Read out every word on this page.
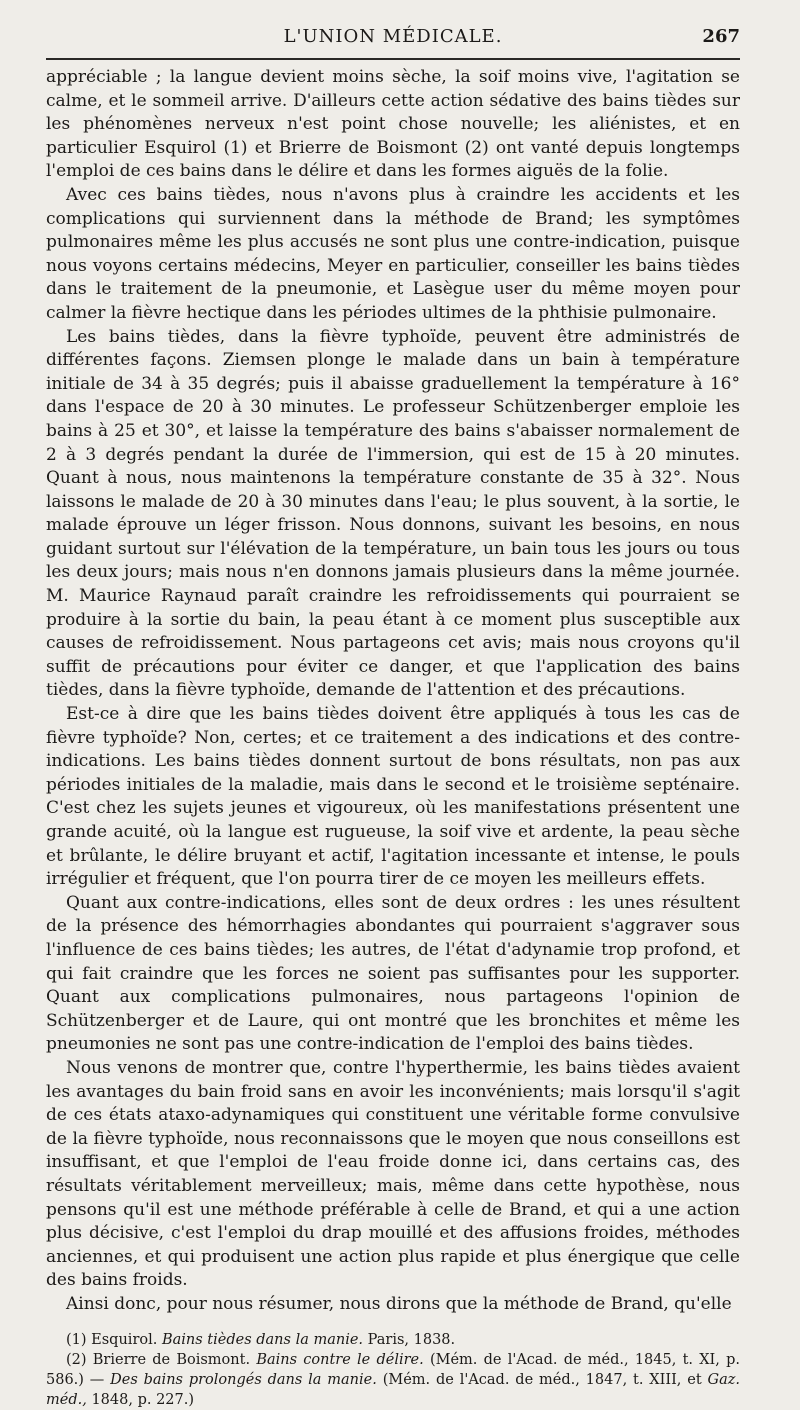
L'UNION MÉDICALE.	267

appréciable ; la langue devient moins sèche, la soif moins vive, l'agitation se calme, et le sommeil arrive. D'ailleurs cette action sédative des bains tièdes sur les phénomènes nerveux n'est point chose nouvelle; les aliénistes, et en particulier Esquirol (1) et Brierre de Boismont (2) ont vanté depuis longtemps l'emploi de ces bains dans le délire et dans les formes aiguës de la folie.

Avec ces bains tièdes, nous n'avons plus à craindre les accidents et les complications qui surviennent dans la méthode de Brand; les symptômes pulmonaires même les plus accusés ne sont plus une contre-indication, puisque nous voyons certains médecins, Meyer en particulier, conseiller les bains tièdes dans le traitement de la pneumonie, et Lasègue user du même moyen pour calmer la fièvre hectique dans les périodes ultimes de la phthisie pulmonaire.

Les bains tièdes, dans la fièvre typhoïde, peuvent être administrés de différentes façons. Ziemsen plonge le malade dans un bain à température initiale de 34 à 35 degrés; puis il abaisse graduellement la température à 16° dans l'espace de 20 à 30 minutes. Le professeur Schützenberger emploie les bains à 25 et 30°, et laisse la température des bains s'abaisser normalement de 2 à 3 degrés pendant la durée de l'immersion, qui est de 15 à 20 minutes. Quant à nous, nous maintenons la température constante de 35 à 32°. Nous laissons le malade de 20 à 30 minutes dans l'eau; le plus souvent, à la sortie, le malade éprouve un léger frisson. Nous donnons, suivant les besoins, en nous guidant surtout sur l'élévation de la température, un bain tous les jours ou tous les deux jours; mais nous n'en donnons jamais plusieurs dans la même journée. M. Maurice Raynaud paraît craindre les refroidissements qui pourraient se produire à la sortie du bain, la peau étant à ce moment plus susceptible aux causes de refroidissement. Nous partageons cet avis; mais nous croyons qu'il suffit de précautions pour éviter ce danger, et que l'application des bains tièdes, dans la fièvre typhoïde, demande de l'attention et des précautions.

Est-ce à dire que les bains tièdes doivent être appliqués à tous les cas de fièvre typhoïde? Non, certes; et ce traitement a des indications et des contre-indications. Les bains tièdes donnent surtout de bons résultats, non pas aux périodes initiales de la maladie, mais dans le second et le troisième septénaire. C'est chez les sujets jeunes et vigoureux, où les manifestations présentent une grande acuité, où la langue est rugueuse, la soif vive et ardente, la peau sèche et brûlante, le délire bruyant et actif, l'agitation incessante et intense, le pouls irrégulier et fréquent, que l'on pourra tirer de ce moyen les meilleurs effets.

Quant aux contre-indications, elles sont de deux ordres : les unes résultent de la présence des hémorrhagies abondantes qui pourraient s'aggraver sous l'influence de ces bains tièdes; les autres, de l'état d'adynamie trop profond, et qui fait craindre que les forces ne soient pas suffisantes pour les supporter. Quant aux complications pulmonaires, nous partageons l'opinion de Schützenberger et de Laure, qui ont montré que les bronchites et même les pneumonies ne sont pas une contre-indication de l'emploi des bains tièdes.

Nous venons de montrer que, contre l'hyperthermie, les bains tièdes avaient les avantages du bain froid sans en avoir les inconvénients; mais lorsqu'il s'agit de ces états ataxo-adynamiques qui constituent une véritable forme convulsive de la fièvre typhoïde, nous reconnaissons que le moyen que nous conseillons est insuffisant, et que l'emploi de l'eau froide donne ici, dans certains cas, des résultats véritablement merveilleux; mais, même dans cette hypothèse, nous pensons qu'il est une méthode préférable à celle de Brand, et qui a une action plus décisive, c'est l'emploi du drap mouillé et des affusions froides, méthodes anciennes, et qui produisent une action plus rapide et plus énergique que celle des bains froids.

Ainsi donc, pour nous résumer, nous dirons que la méthode de Brand, qu'elle

(1) Esquirol. Bains tièdes dans la manie. Paris, 1838.

(2) Brierre de Boismont. Bains contre le délire. (Mém. de l'Acad. de méd., 1845, t. XI, p. 586.) — Des bains prolongés dans la manie. (Mém. de l'Acad. de méd., 1847, t. XIII, et Gaz. méd., 1848, p. 227.)
